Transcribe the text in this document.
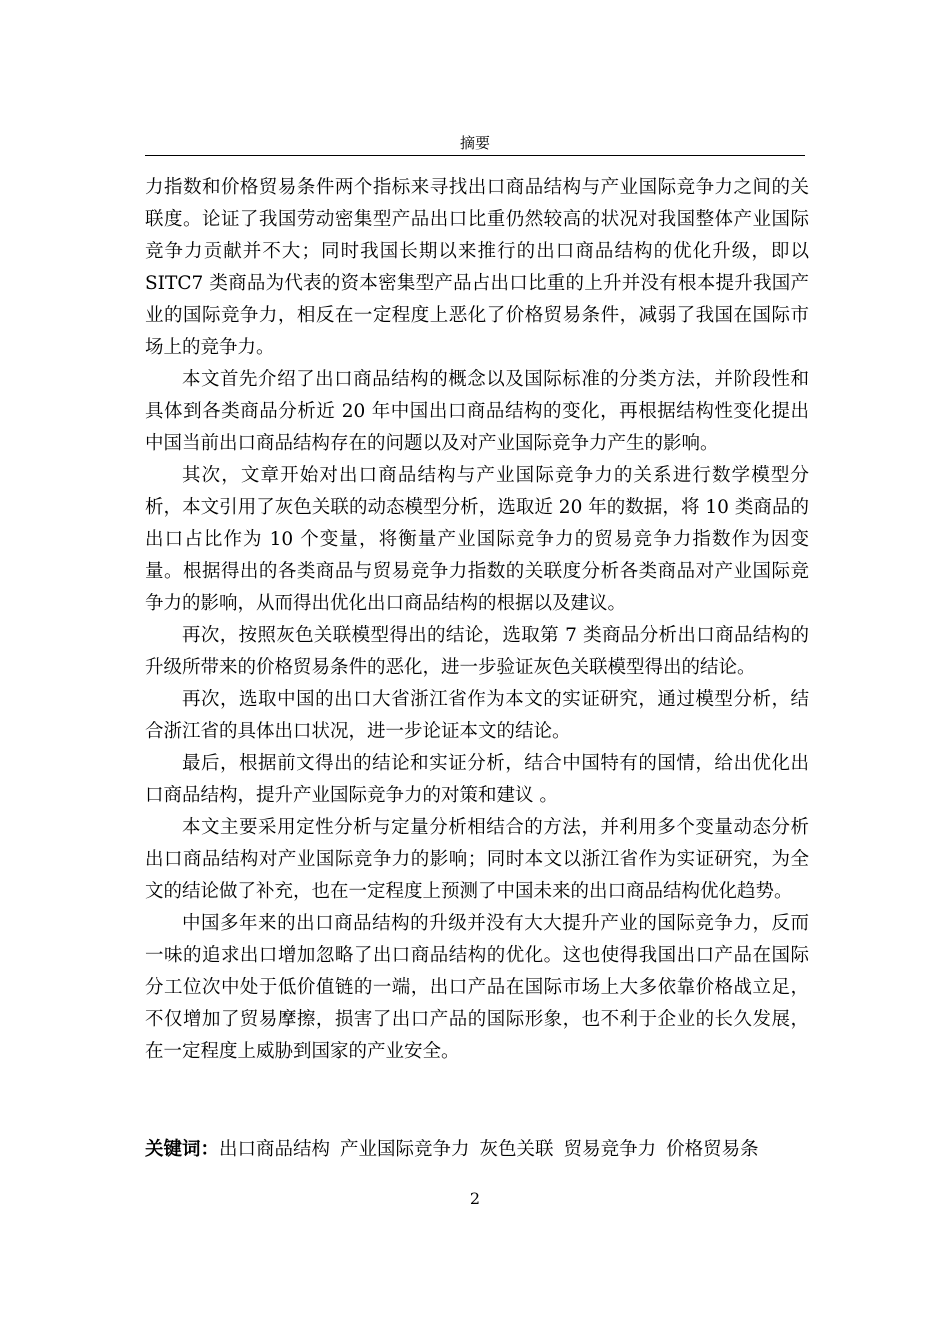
摘要

力指数和价格贸易条件两个指标来寻找出口商品结构与产业国际竞争力之间的关联度。论证了我国劳动密集型产品出口比重仍然较高的状况对我国整体产业国际竞争力贡献并不大；同时我国长期以来推行的出口商品结构的优化升级，即以 SITC7 类商品为代表的资本密集型产品占出口比重的上升并没有根本提升我国产业的国际竞争力，相反在一定程度上恶化了价格贸易条件，减弱了我国在国际市场上的竞争力。

本文首先介绍了出口商品结构的概念以及国际标准的分类方法，并阶段性和具体到各类商品分析近 20 年中国出口商品结构的变化，再根据结构性变化提出中国当前出口商品结构存在的问题以及对产业国际竞争力产生的影响。

其次，文章开始对出口商品结构与产业国际竞争力的关系进行数学模型分析，本文引用了灰色关联的动态模型分析，选取近 20 年的数据，将 10 类商品的出口占比作为 10 个变量，将衡量产业国际竞争力的贸易竞争力指数作为因变量。根据得出的各类商品与贸易竞争力指数的关联度分析各类商品对产业国际竞争力的影响，从而得出优化出口商品结构的根据以及建议。

再次，按照灰色关联模型得出的结论，选取第 7 类商品分析出口商品结构的升级所带来的价格贸易条件的恶化，进一步验证灰色关联模型得出的结论。

再次，选取中国的出口大省浙江省作为本文的实证研究，通过模型分析，结合浙江省的具体出口状况，进一步论证本文的结论。

最后，根据前文得出的结论和实证分析，结合中国特有的国情，给出优化出口商品结构，提升产业国际竞争力的对策和建议 。

本文主要采用定性分析与定量分析相结合的方法，并利用多个变量动态分析出口商品结构对产业国际竞争力的影响；同时本文以浙江省作为实证研究，为全文的结论做了补充，也在一定程度上预测了中国未来的出口商品结构优化趋势。

中国多年来的出口商品结构的升级并没有大大提升产业的国际竞争力，反而一味的追求出口增加忽略了出口商品结构的优化。这也使得我国出口产品在国际分工位次中处于低价值链的一端，出口产品在国际市场上大多依靠价格战立足，不仅增加了贸易摩擦，损害了出口产品的国际形象，也不利于企业的长久发展，在一定程度上威胁到国家的产业安全。

关键词：出口商品结构 产业国际竞争力 灰色关联 贸易竞争力 价格贸易条
2
